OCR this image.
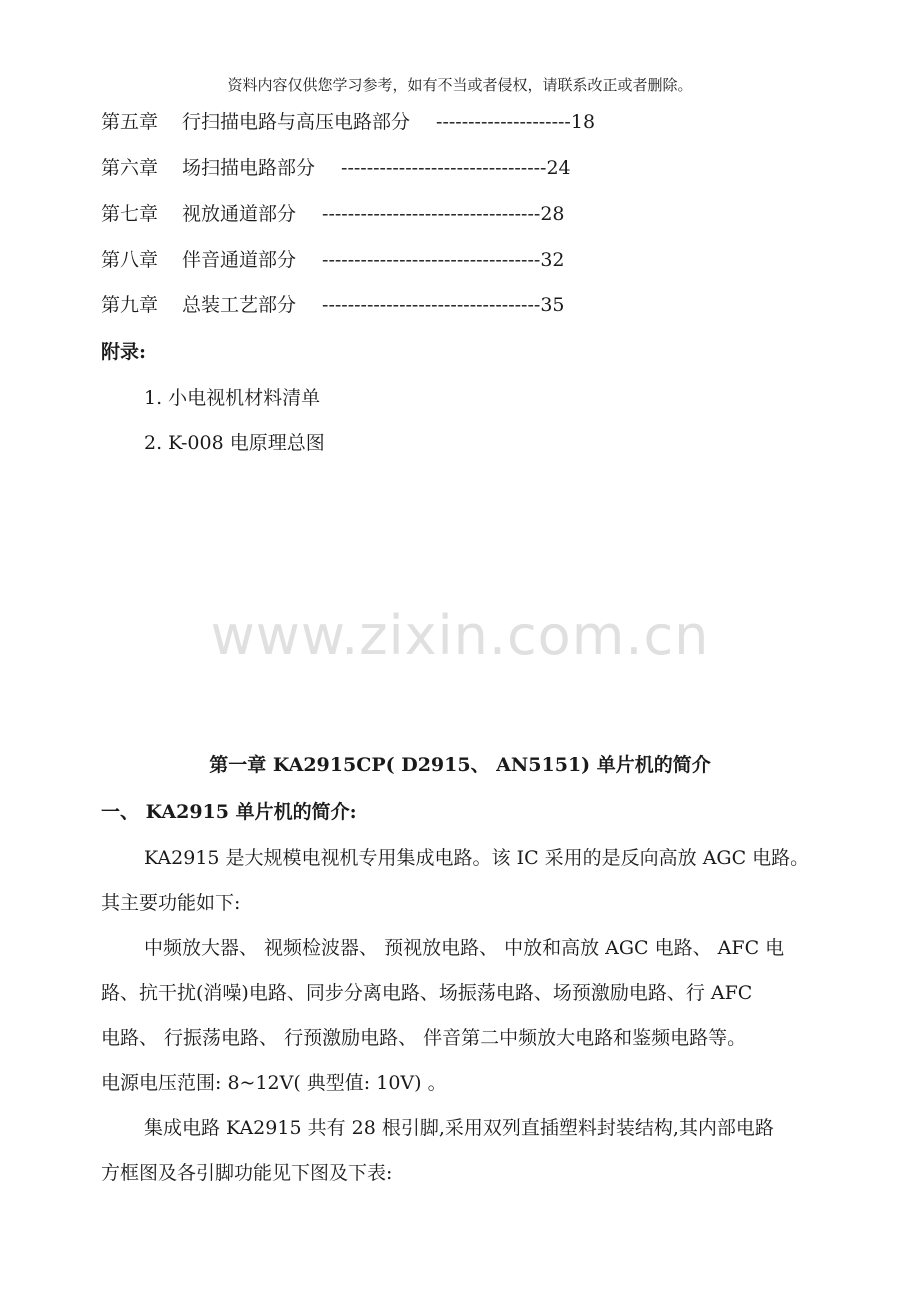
资料内容仅供您学习参考，如有不当或者侵权，请联系改正或者删除。
第五章 行扫描电路与高压电路部分 ---------------------18
第六章 场扫描电路部分 --------------------------------24
第七章 视放通道部分 ----------------------------------28
第八章 伴音通道部分 ----------------------------------32
第九章 总装工艺部分 ----------------------------------35
附录:
1. 小电视机材料清单
2. K-008 电原理总图
www.zixin.com.cn
第一章 KA2915CP( D2915、 AN5151) 单片机的简介
一、 KA2915 单片机的简介:
KA2915 是大规模电视机专用集成电路。该 IC 采用的是反向高放 AGC 电路。
其主要功能如下:
中频放大器、 视频检波器、 预视放电路、 中放和高放 AGC 电路、 AFC 电
路、抗干扰(消噪)电路、同步分离电路、场振荡电路、场预激励电路、行 AFC
电路、 行振荡电路、 行预激励电路、 伴音第二中频放大电路和鉴频电路等。
电源电压范围: 8~12V( 典型值: 10V) 。
集成电路 KA2915 共有 28 根引脚,采用双列直插塑料封装结构,其内部电路
方框图及各引脚功能见下图及下表:
